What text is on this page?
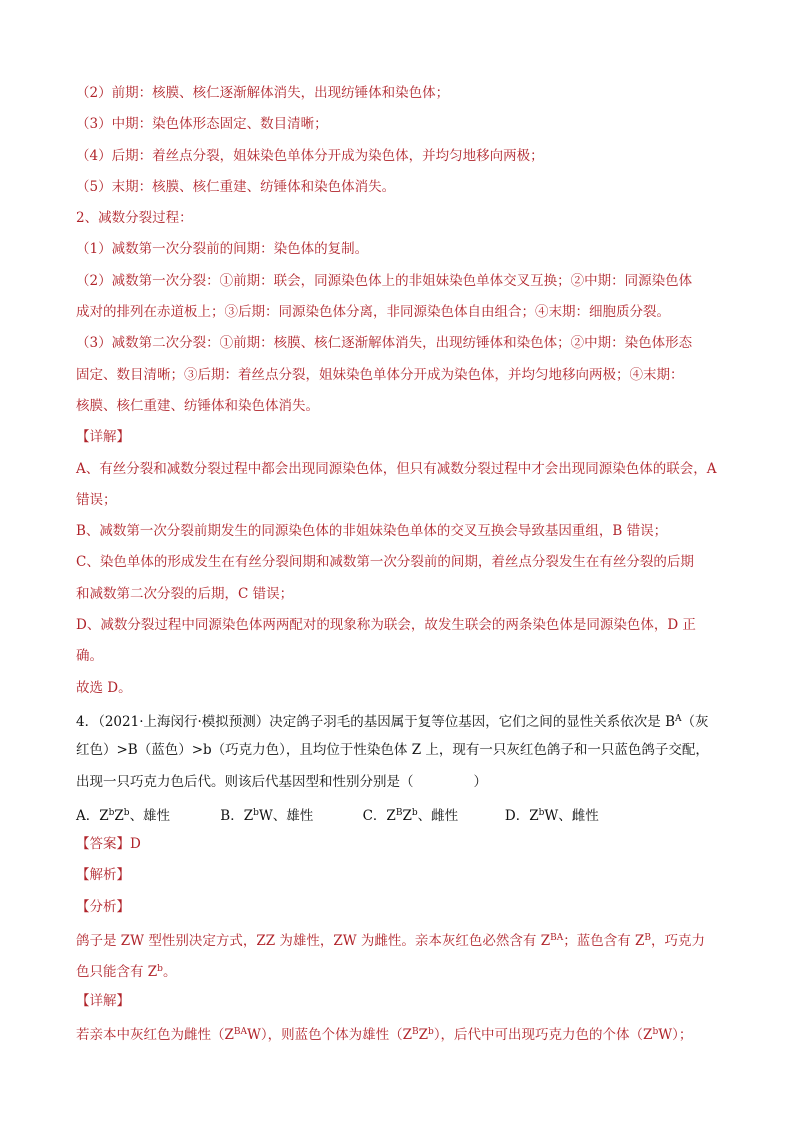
（2）前期：核膜、核仁逐渐解体消失，出现纺锤体和染色体；
（3）中期：染色体形态固定、数目清晰；
（4）后期：着丝点分裂，姐妹染色单体分开成为染色体，并均匀地移向两极；
（5）末期：核膜、核仁重建、纺锤体和染色体消失。
2、减数分裂过程：
（1）减数第一次分裂前的间期：染色体的复制。
（2）减数第一次分裂：①前期：联会，同源染色体上的非姐妹染色单体交叉互换；②中期：同源染色体
成对的排列在赤道板上；③后期：同源染色体分离，非同源染色体自由组合；④末期：细胞质分裂。
（3）减数第二次分裂：①前期：核膜、核仁逐渐解体消失，出现纺锤体和染色体；②中期：染色体形态
固定、数目清晰；③后期：着丝点分裂，姐妹染色单体分开成为染色体，并均匀地移向两极；④末期：
核膜、核仁重建、纺锤体和染色体消失。
【详解】
A、有丝分裂和减数分裂过程中都会出现同源染色体，但只有减数分裂过程中才会出现同源染色体的联会，A
错误；
B、减数第一次分裂前期发生的同源染色体的非姐妹染色单体的交叉互换会导致基因重组，B 错误；
C、染色单体的形成发生在有丝分裂间期和减数第一次分裂前的间期，着丝点分裂发生在有丝分裂的后期
和减数第二次分裂的后期，C 错误；
D、减数分裂过程中同源染色体两两配对的现象称为联会，故发生联会的两条染色体是同源染色体，D 正
确。
故选 D。
4．（2021·上海闵行·模拟预测）决定鸽子羽毛的基因属于复等位基因，它们之间的显性关系依次是 $B^A$（灰
红色）>B（蓝色）>b（巧克力色），且均位于性染色体 Z 上，现有一只灰红色鸽子和一只蓝色鸽子交配，
出现一只巧克力色后代。则该后代基因型和性别分别是（	）
A．ZbZb、雄性	B．ZbW、雄性	C．ZBZb、雌性	D．ZbW、雌性
【答案】D
【解析】
【分析】
鸽子是 ZW 型性别决定方式，ZZ 为雄性，ZW 为雌性。亲本灰红色必然含有 $Z^{BA}$；蓝色含有 $Z^B$，巧克力
色只能含有 $Z^b$。
【详解】
若亲本中灰红色为雌性$(Z^{BA}W)$，则蓝色个体为雄性$(Z^BZ^b)$，后代中可出现巧克力色的个体$(Z^bW)$；
